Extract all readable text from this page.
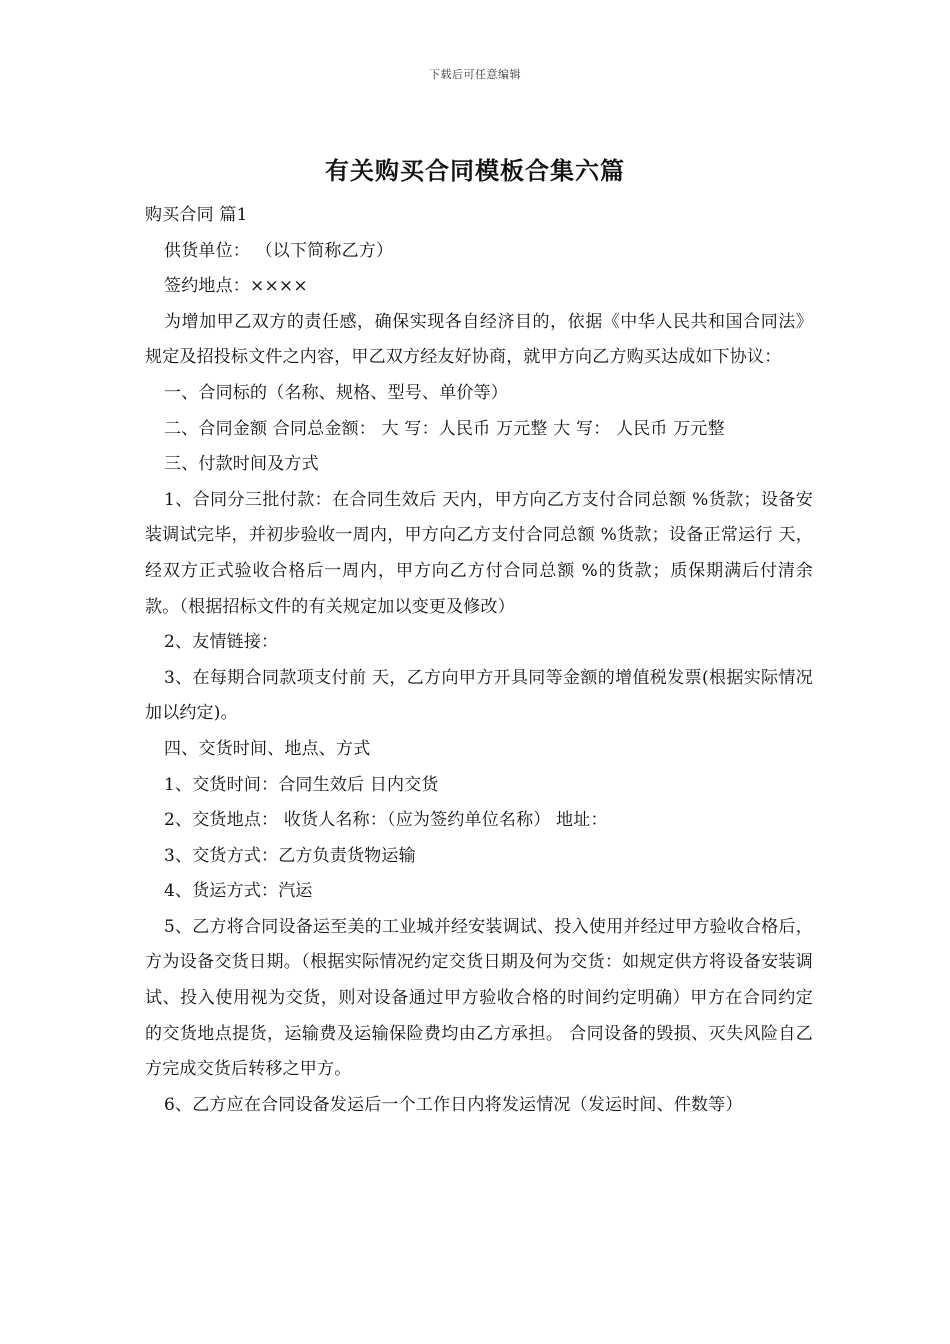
下载后可任意编辑
有关购买合同模板合集六篇

购买合同 篇1

供货单位： （以下简称乙方）

签约地点：××××

为增加甲乙双方的责任感，确保实现各自经济目的，依据《中华人民共和国合同法》规定及招投标文件之内容，甲乙双方经友好协商，就甲方向乙方购买达成如下协议：

一、合同标的（名称、规格、型号、单价等）

二、合同金额 合同总金额： 大 写：人民币 万元整 大 写： 人民币 万元整

三、付款时间及方式

1、合同分三批付款：在合同生效后 天内，甲方向乙方支付合同总额 %货款；设备安装调试完毕，并初步验收一周内，甲方向乙方支付合同总额 %货款；设备正常运行 天，经双方正式验收合格后一周内，甲方向乙方付合同总额 %的货款；质保期满后付清余款。（根据招标文件的有关规定加以变更及修改）

2、友情链接：

3、在每期合同款项支付前 天，乙方向甲方开具同等金额的增值税发票(根据实际情况加以约定)。

四、交货时间、地点、方式

1、交货时间：合同生效后 日内交货

2、交货地点： 收货人名称：（应为签约单位名称） 地址：

3、交货方式：乙方负责货物运输

4、货运方式：汽运

5、乙方将合同设备运至美的工业城并经安装调试、投入使用并经过甲方验收合格后，方为设备交货日期。（根据实际情况约定交货日期及何为交货：如规定供方将设备安装调试、投入使用视为交货，则对设备通过甲方验收合格的时间约定明确）甲方在合同约定的交货地点提货，运输费及运输保险费均由乙方承担。 合同设备的毁损、灭失风险自乙方完成交货后转移之甲方。

6、乙方应在合同设备发运后一个工作日内将发运情况（发运时间、件数等）
